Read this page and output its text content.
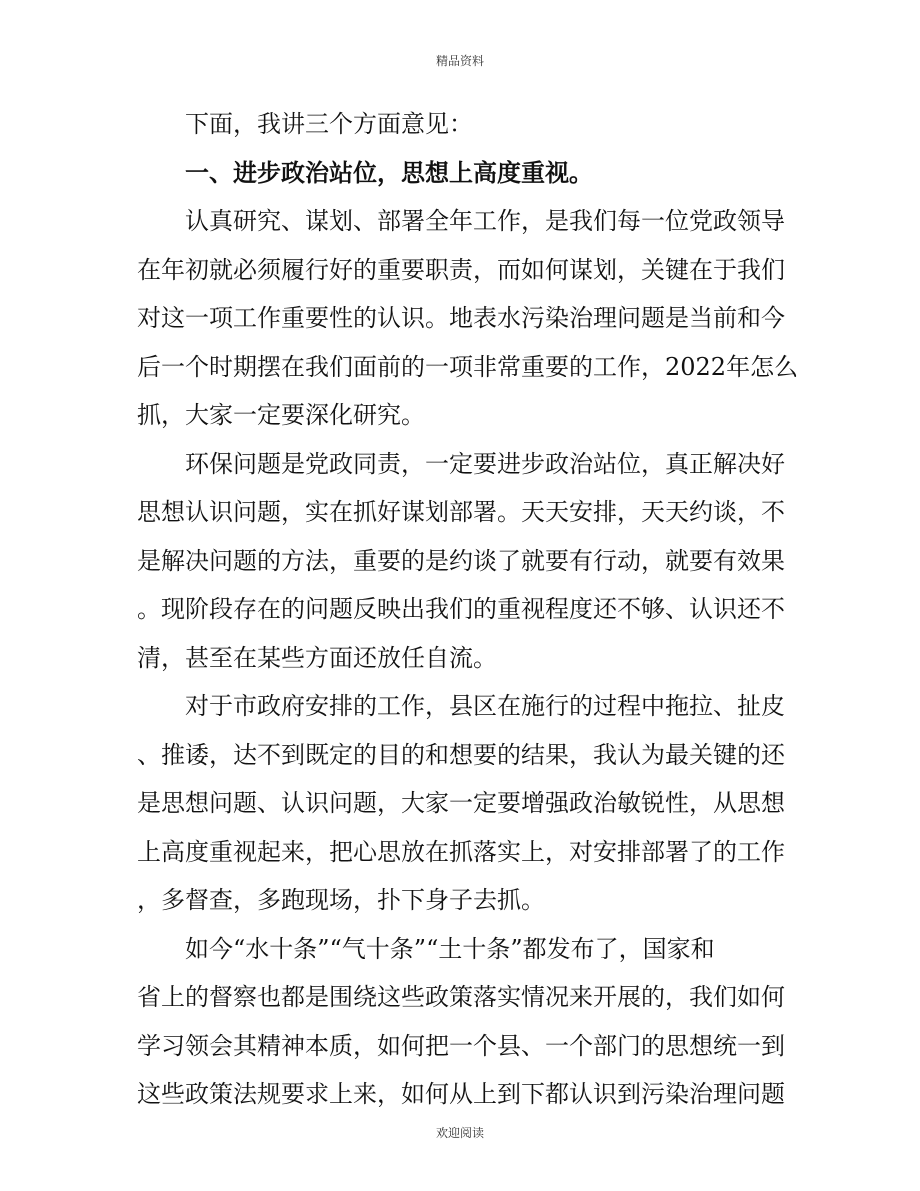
精品资料
下面，我讲三个方面意见：
一、进步政治站位，思想上高度重视。
认真研究、谋划、部署全年工作，是我们每一位党政领导
在年初就必须履行好的重要职责，而如何谋划，关键在于我们
对这一项工作重要性的认识。地表水污染治理问题是当前和今
后一个时期摆在我们面前的一项非常重要的工作，2022年怎么
抓，大家一定要深化研究。
环保问题是党政同责，一定要进步政治站位，真正解决好
思想认识问题，实在抓好谋划部署。天天安排，天天约谈，不
是解决问题的方法，重要的是约谈了就要有行动，就要有效果
。现阶段存在的问题反映出我们的重视程度还不够、认识还不
清，甚至在某些方面还放任自流。
对于市政府安排的工作，县区在施行的过程中拖拉、扯皮
、推诿，达不到既定的目的和想要的结果，我认为最关键的还
是思想问题、认识问题，大家一定要增强政治敏锐性，从思想
上高度重视起来，把心思放在抓落实上，对安排部署了的工作
，多督查，多跑现场，扑下身子去抓。
如今“水十条”“气十条”“土十条”都发布了，国家和
省上的督察也都是围绕这些政策落实情况来开展的，我们如何
学习领会其精神本质，如何把一个县、一个部门的思想统一到
这些政策法规要求上来，如何从上到下都认识到污染治理问题
欢迎阅读
